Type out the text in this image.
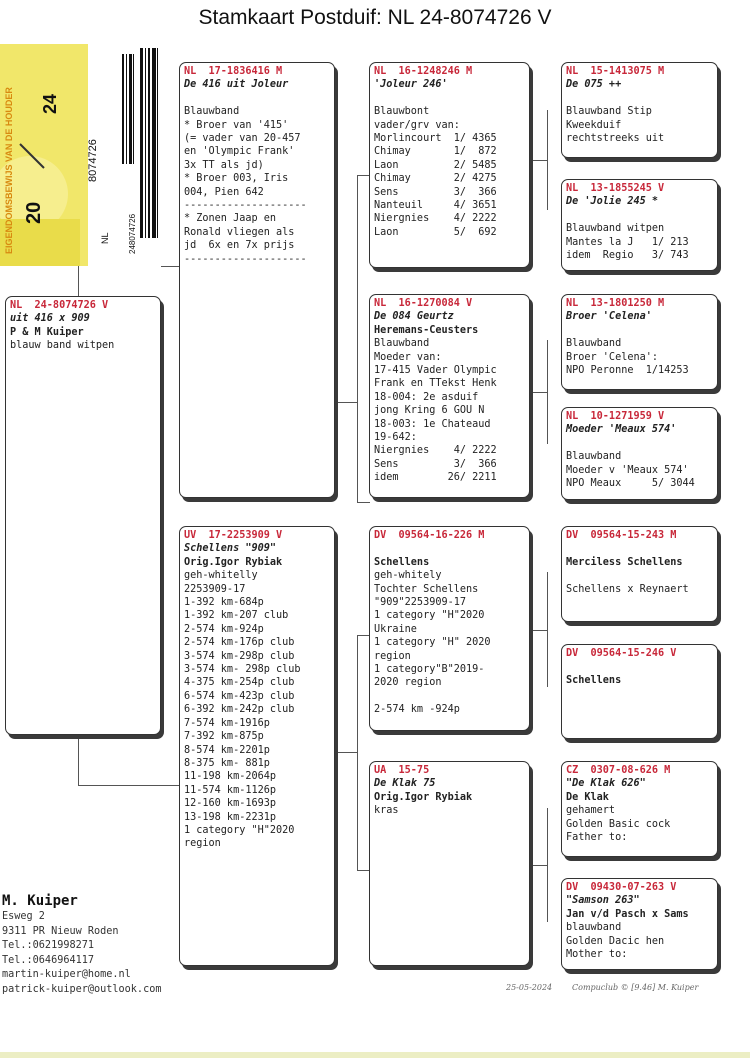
Stamkaart Postduif: NL 24-8074726 V
EIGENDOMSBEWIJS VAN DE HOUDER 24
20
8074726
NL 248074726
NL  24-8074726 V
uit 416 x 909
P & M Kuiper
blauw band witpen
NL  17-1836416 M
De 416 uit Joleur
Blauwband
* Broer van '415'
(= vader van 20-457
en 'Olympic Frank'
3x TT als jd)
* Broer 003, Iris
004, Pien 642
--------------------
* Zonen Jaap en
Ronald vliegen als
jd  6x en 7x prijs
--------------------
UV  17-2253909 V
Schellens "909"
Orig.Igor Rybiak
geh-whitelly
2253909-17
1-392 km-684p
1-392 km-207 club
2-574 km-924p
2-574 km-176p club
3-574 km-298p club
3-574 km- 298p club
4-375 km-254p club
6-574 km-423p club
6-392 km-242p club
7-574 km-1916p
7-392 km-875p
8-574 km-2201p
8-375 km- 881p
11-198 km-2064p
11-574 km-1126p
12-160 km-1693p
13-198 km-2231p
1 category "H"2020
region
NL  16-1248246 M
'Joleur 246'
Blauwbont
vader/grv van:
Morlincourt  1/ 4365
Chimay       1/  872
Laon         2/ 5485
Chimay       2/ 4275
Sens         3/  366
Nanteuil     4/ 3651
Niergnies    4/ 2222
Laon         5/  692
NL  16-1270084 V
De 084 Geurtz
Heremans-Ceusters
Blauwband
Moeder van:
17-415 Vader Olympic
Frank en TTekst Henk
18-004: 2e asduif
jong Kring 6 GOU N
18-003: 1e Chateaud
19-642:
Niergnies    4/ 2222
Sens         3/  366
idem        26/ 2211
DV  09564-16-226 M
Schellens
geh-whitely
Tochter Schellens
"909"2253909-17
1 category "H"2020
Ukraine
1 category "H" 2020
region
1 category"B"2019-
2020 region
2-574 km -924p
UA  15-75
De Klak 75
Orig.Igor Rybiak
kras
NL  15-1413075 M
De 075 ++
Blauwband Stip
Kweekduif
rechtstreeks uit
NL  13-1855245 V
De 'Jolie 245 *
Blauwband witpen
Mantes la J   1/ 213
idem  Regio   3/ 743
NL  13-1801250 M
Broer 'Celena'
Blauwband
Broer 'Celena':
NPO Peronne  1/14253
NL  10-1271959 V
Moeder 'Meaux 574'
Blauwband
Moeder v 'Meaux 574'
NPO Meaux     5/ 3044
DV  09564-15-243 M
Merciless Schellens
Schellens x Reynaert
DV  09564-15-246 V
Schellens
CZ  0307-08-626 M
"De Klak 626"
De Klak
gehamert
Golden Basic cock
Father to:
DV  09430-07-263 V
"Samson 263"
Jan v/d Pasch x Sams
blauwband
Golden Dacic hen
Mother to:
M. Kuiper
Esweg 2
9311 PR Nieuw Roden
Tel.:0621998271
Tel.:0646964117
martin-kuiper@home.nl
patrick-kuiper@outlook.com	25-05-2024 Compuclub © [9.46] M. Kuiper
